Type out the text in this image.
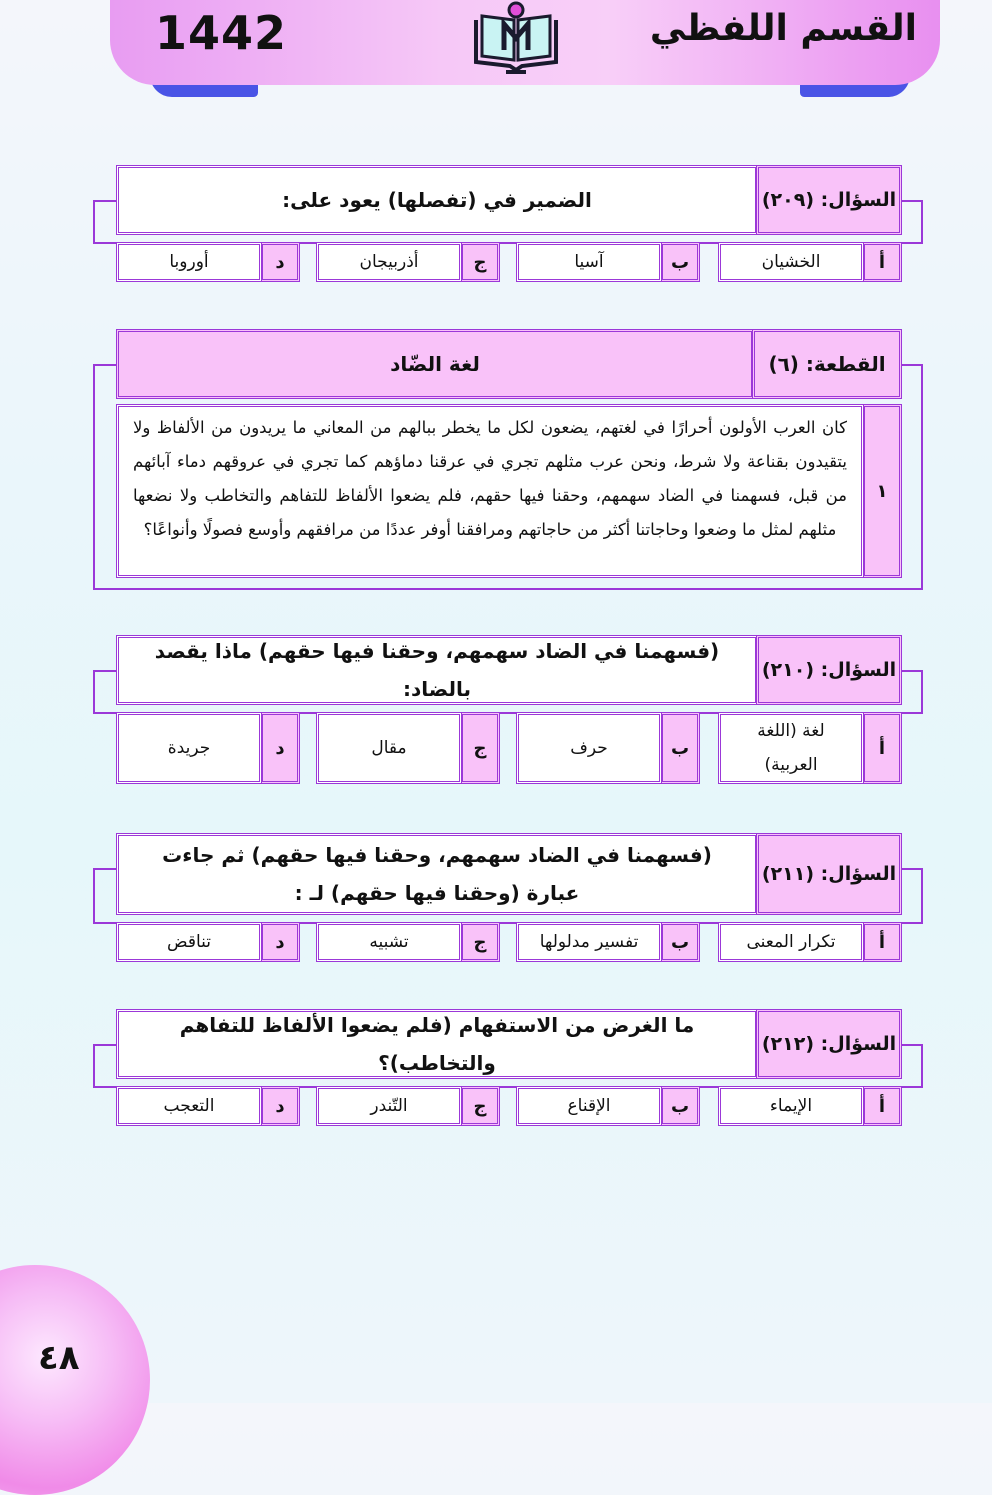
1442	القسم اللفظي
الضمير في (تفصلها) يعود على:	السؤال: (٢٠٩)
أ
الخشيان
ب
آسيا
ج
أذربيجان
د
أوروبا
لغة الضّاد	القطعة: (٦)
١
كان العرب الأولون أحرارًا في لغتهم، يضعون لكل ما يخطر ببالهم من المعاني ما يريدون من الألفاظ ولا يتقيدون بقناعة ولا شرط، ونحن عرب مثلهم تجري في عرقنا دماؤهم كما تجري في عروقهم دماء آبائهم من قبل، فسهمنا في الضاد سهمهم، وحقنا فيها حقهم، فلم يضعوا الألفاظ للتفاهم والتخاطب ولا نضعها مثلهم لمثل ما وضعوا وحاجاتنا أكثر من حاجاتهم ومرافقنا أوفر عددًا من مرافقهم وأوسع فصولًا وأنواعًا؟
(فسهمنا في الضاد سهمهم، وحقنا فيها حقهم) ماذا يقصد بالضاد:
السؤال: (٢١٠)
أ
لغة (اللغة العربية)
ب
حرف
ج
مقال
د
جريدة
(فسهمنا في الضاد سهمهم، وحقنا فيها حقهم) ثم جاءت عبارة (وحقنا فيها حقهم) لـ :
السؤال: (٢١١)
أ
تكرار المعنى
ب
تفسير مدلولها
ج
تشبيه
د
تناقض
ما الغرض من الاستفهام (فلم يضعوا الألفاظ للتفاهم والتخاطب)؟
السؤال: (٢١٢)
أ
الإيماء
ب
الإقناع
ج
التّندر
د
التعجب
٤٨
